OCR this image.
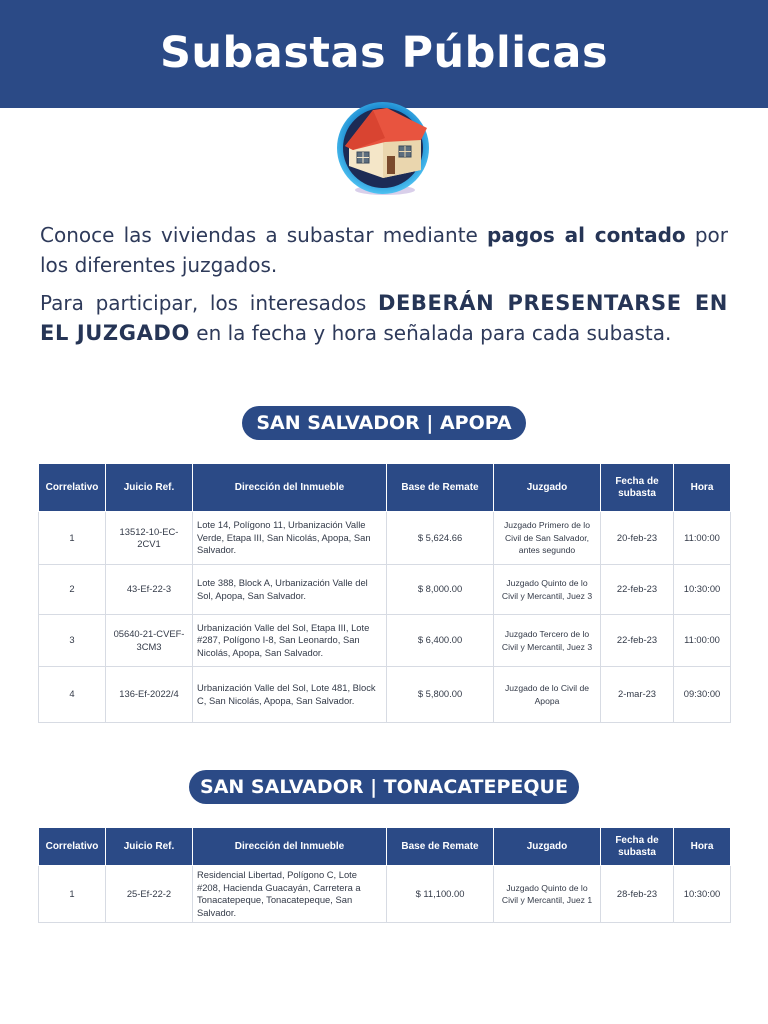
Subastas Públicas

Conoce las viviendas a subastar mediante pagos al contado por los diferentes juzgados.

Para participar, los interesados DEBERÁN PRESENTARSE EN EL JUZGADO en la fecha y hora señalada para cada subasta.

SAN SALVADOR | APOPA
Correlativo	Juicio Ref.	Dirección del Inmueble	Base de Remate	Juzgado	Fecha de subasta	Hora
1	13512-10-EC-2CV1	Lote 14, Polígono 11, Urbanización Valle Verde, Etapa III, San Nicolás, Apopa, San Salvador.	$ 5,624.66	Juzgado Primero de lo Civil de San Salvador, antes segundo	20-feb-23	11:00:00
2	43-Ef-22-3	Lote 388, Block A, Urbanización Valle del Sol, Apopa, San Salvador.	$ 8,000.00	Juzgado Quinto de lo Civil y Mercantil, Juez 3	22-feb-23	10:30:00
3	05640-21-CVEF-3CM3	Urbanización Valle del Sol, Etapa III, Lote #287, Polígono I-8, San Leonardo, San Nicolás, Apopa, San Salvador.	$ 6,400.00	Juzgado Tercero de lo Civil y Mercantil, Juez 3	22-feb-23	11:00:00
4	136-Ef-2022/4	Urbanización Valle del Sol, Lote 481, Block C, San Nicolás, Apopa, San Salvador.	$ 5,800.00	Juzgado de lo Civil de Apopa	2-mar-23	09:30:00
SAN SALVADOR | TONACATEPEQUE
Correlativo	Juicio Ref.	Dirección del Inmueble	Base de Remate	Juzgado	Fecha de subasta	Hora
1	25-Ef-22-2	Residencial Libertad, Polígono C, Lote #208, Hacienda Guacayán, Carretera a Tonacatepeque, Tonacatepeque, San Salvador.	$ 11,100.00	Juzgado Quinto de lo Civil y Mercantil, Juez 1	28-feb-23	10:30:00
